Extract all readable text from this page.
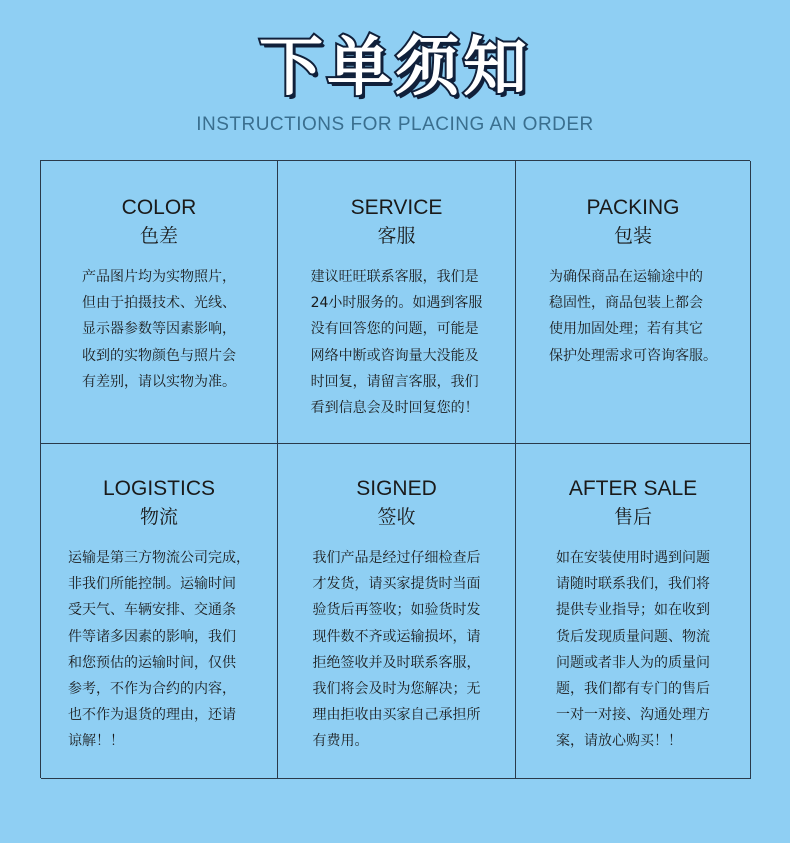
下单须知
INSTRUCTIONS FOR PLACING AN ORDER
COLOR
色差
产品图片均为实物照片，
但由于拍摄技术、光线、
显示器参数等因素影响，
收到的实物颜色与照片会
有差别，请以实物为准。
SERVICE
客服
建议旺旺联系客服，我们是
24小时服务的。如遇到客服
没有回答您的问题，可能是
网络中断或咨询量大没能及
时回复，请留言客服，我们
看到信息会及时回复您的！
PACKING
包装
为确保商品在运输途中的
稳固性，商品包装上都会
使用加固处理；若有其它
保护处理需求可咨询客服。
LOGISTICS
物流
运输是第三方物流公司完成，
非我们所能控制。运输时间
受天气、车辆安排、交通条
件等诸多因素的影响，我们
和您预估的运输时间，仅供
参考，不作为合约的内容，
也不作为退货的理由，还请
谅解！！
SIGNED
签收
我们产品是经过仔细检查后
才发货，请买家提货时当面
验货后再签收；如验货时发
现件数不齐或运输损坏，请
拒绝签收并及时联系客服，
我们将会及时为您解决；无
理由拒收由买家自己承担所
有费用。
AFTER SALE
售后
如在安装使用时遇到问题
请随时联系我们，我们将
提供专业指导；如在收到
货后发现质量问题、物流
问题或者非人为的质量问
题，我们都有专门的售后
一对一对接、沟通处理方
案，请放心购买！！
